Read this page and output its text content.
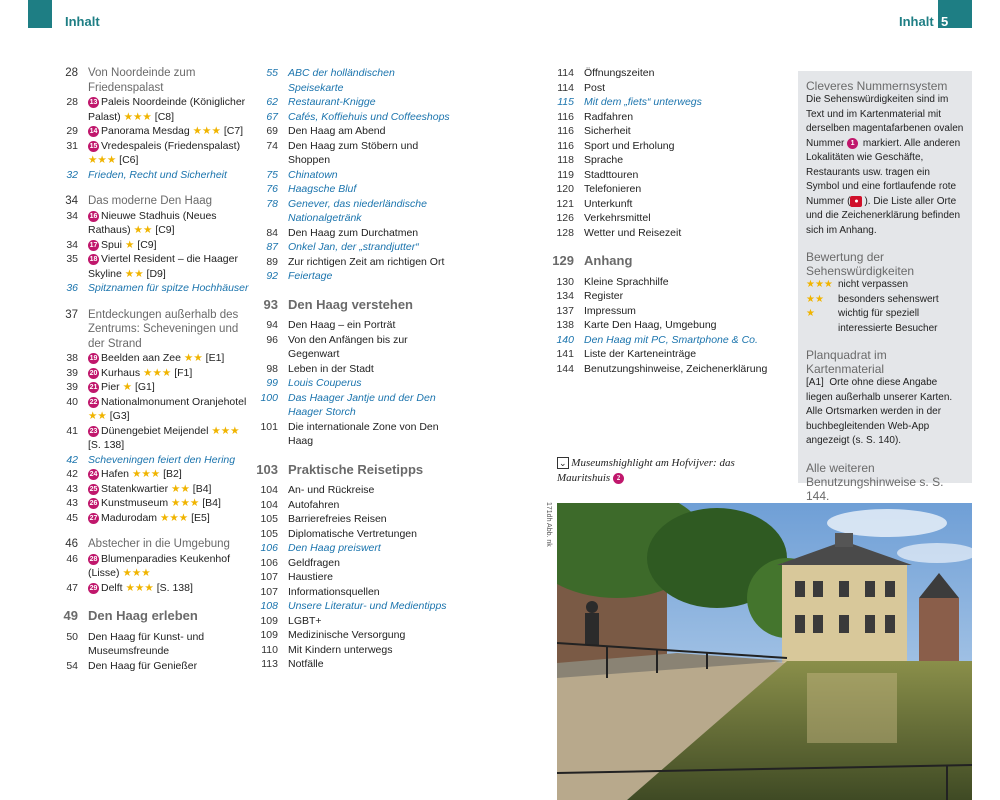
4 Inhalt	Inhalt 5
28 Von Noordeinde zum Friedenspalast
28	13 Paleis Noordeinde (Königlicher Palast) ★★★ [C8]
29	14 Panorama Mesdag ★★★ [C7]
31	15 Vredespaleis (Friedenspalast) ★★★ [C6]
32 Frieden, Recht und Sicherheit
34 Das moderne Den Haag
34	16 Nieuwe Stadhuis (Neues Rathaus) ★★ [C9]
34	17 Spui ★ [C9]
35	18 Viertel Resident – die Haager Skyline ★★ [D9]
36 Spitznamen für spitze Hochhäuser
37 Entdeckungen außerhalb des Zentrums: Scheveningen und der Strand
38	19 Beelden aan Zee ★★ [E1]
39	20 Kurhaus ★★★ [F1]
39	21 Pier ★ [G1]
40	22 Nationalmonument Oranjehotel ★★ [G3]
41	23 Dünengebiet Meijendel ★★★ [S. 138]
42 Scheveningen feiert den Hering
42	24 Hafen ★★★ [B2]
43	25 Statenkwartier ★★ [B4]
43	26 Kunstmuseum ★★★ [B4]
45	27 Madurodam ★★★ [E5]
46 Abstecher in die Umgebung
46	28 Blumenparadies Keukenhof (Lisse) ★★★
47	29 Delft ★★★ [S. 138]
49 Den Haag erleben
50 Den Haag für Kunst- und Museumsfreunde
54 Den Haag für Genießer
55 ABC der holländischen Speisekarte
62 Restaurant-Knigge
67 Cafés, Koffiehuis und Coffeeshops
69 Den Haag am Abend
74 Den Haag zum Stöbern und Shoppen
75 Chinatown
76 Haagsche Bluf
78 Genever, das niederländische Nationalgetränk
84 Den Haag zum Durchatmen
87 Onkel Jan, der „strandjutter“
89 Zur richtigen Zeit am richtigen Ort
92 Feiertage
93 Den Haag verstehen
94 Den Haag – ein Porträt
96 Von den Anfängen bis zur Gegenwart
98 Leben in der Stadt
99 Louis Couperus
100 Das Haager Jantje und der Den Haager Storch
101 Die internationale Zone von Den Haag
103 Praktische Reisetipps
104 An- und Rückreise
104 Autofahren
105 Barrierefreies Reisen
105 Diplomatische Vertretungen
106 Den Haag preiswert
106 Geldfragen
107 Haustiere
107 Informationsquellen
108 Unsere Literatur- und Medientipps
109 LGBT+
109 Medizinische Versorgung
110 Mit Kindern unterwegs
113 Notfälle
114 Öffnungszeiten
114 Post
115 Mit dem „fiets“ unterwegs
116 Radfahren
116 Sicherheit
116 Sport und Erholung
118 Sprache
119 Stadttouren
120 Telefonieren
121 Unterkunft
126 Verkehrsmittel
128 Wetter und Reisezeit
129 Anhang
130 Kleine Sprachhilfe
134 Register
137 Impressum
138 Karte Den Haag, Umgebung
140 Den Haag mit PC, Smartphone & Co.
141 Liste der Karteneinträge
144 Benutzungshinweise, Zeichenerklärung
Cleveres Nummernsystem

Die Sehenswürdigkeiten sind im Text und im Kartenmaterial mit derselben magentafarbenen ovalen Nummer 1 markiert. Alle anderen Lokalitäten wie Geschäfte, Restaurants usw. tragen ein Symbol und eine fortlaufende rote Nummer ( ● ). Die Liste aller Orte und die Zeichenerklärung befinden sich im Anhang.

Bewertung der Sehenswürdigkeiten
★★★ nicht verpassen
★★	besonders sehenswert
★	wichtig für speziell interessierte Besucher
Planquadrat im Kartenmaterial

[A1] Orte ohne diese Angabe liegen außerhalb unserer Karten. Alle Ortsmarken werden in der buchbegleitenden Web-App angezeigt (s. S. 140).

Alle weiteren Benutzungshinweise s. S. 144.
⌄ Museumshighlight am Hofvijver: das Mauritshuis 2
171dh Abb. nk
